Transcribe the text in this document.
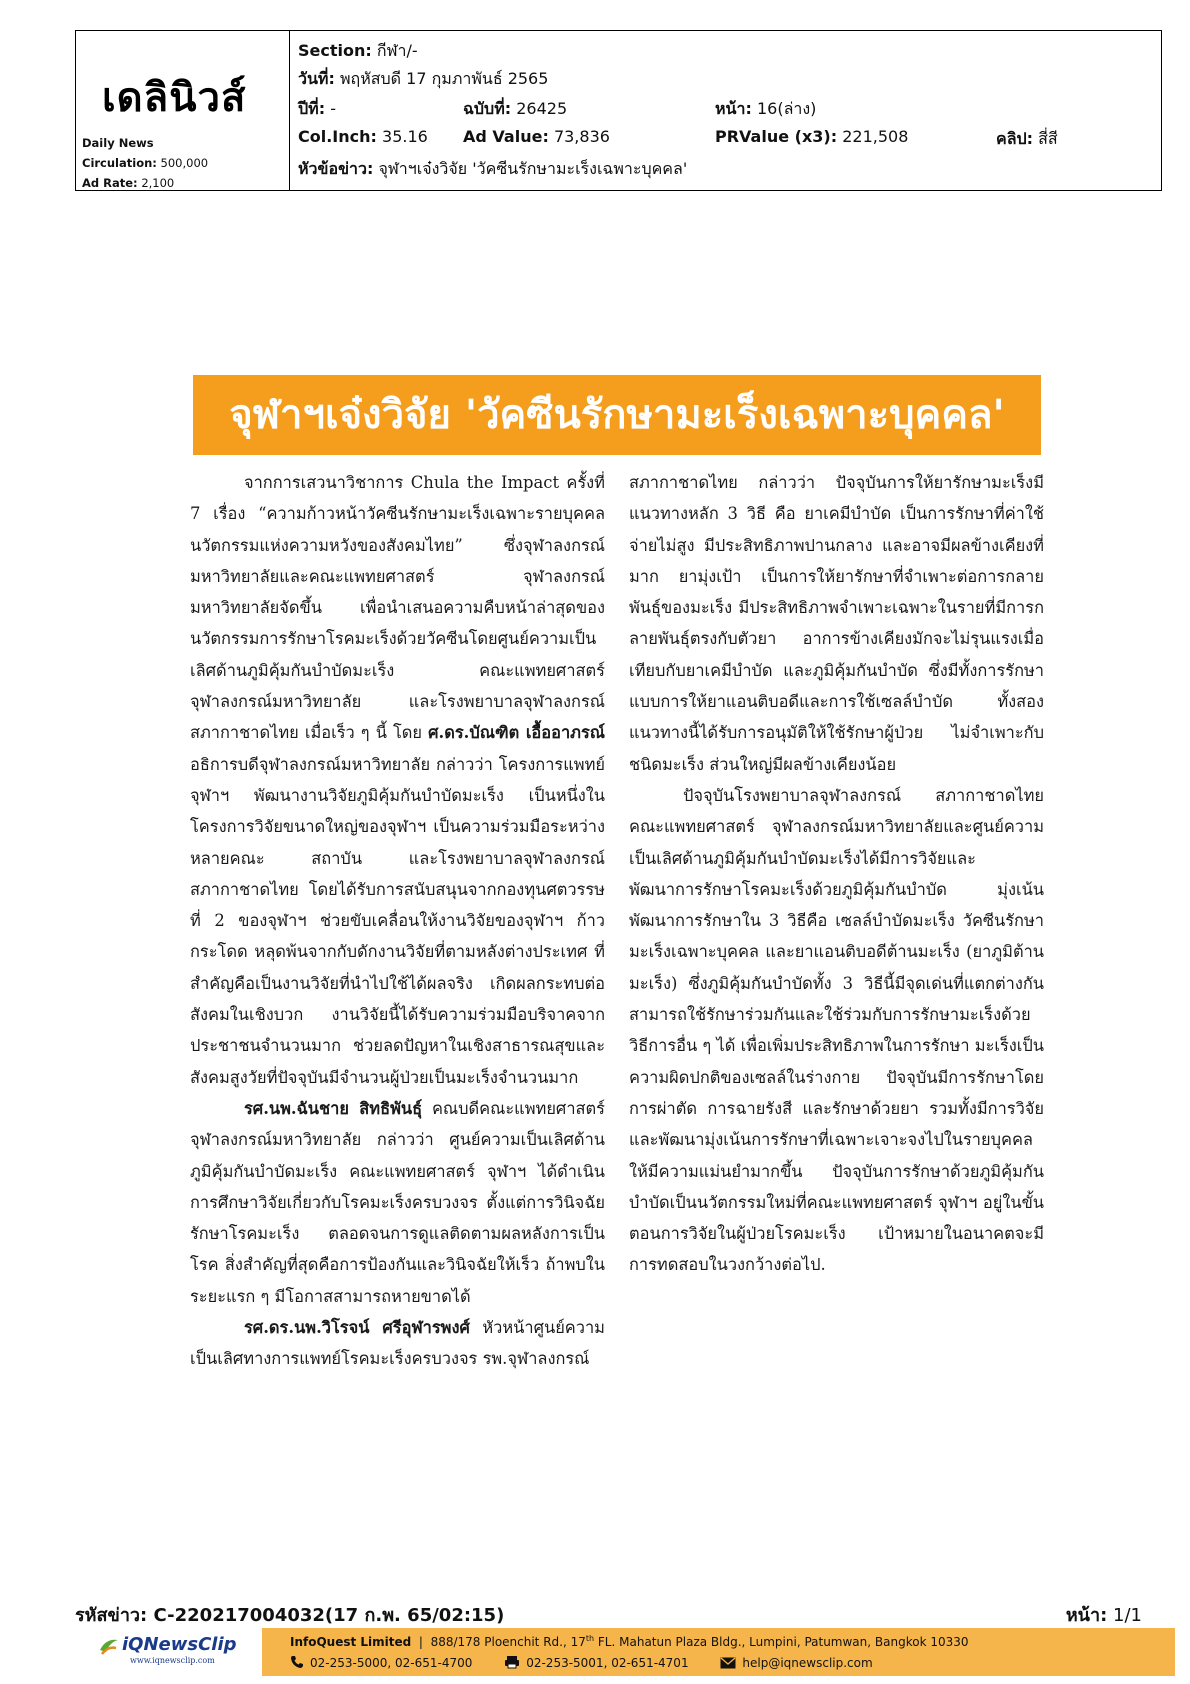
เดลินิวส์
Daily News
Circulation: 500,000
Ad Rate: 2,100
Section: กีฬา/-
วันที่: พฤหัสบดี 17 กุมภาพันธ์ 2565
ปีที่: -	ฉบับที่: 26425	หน้า: 16(ล่าง)
Col.Inch: 35.16 Ad Value: 73,836	PRValue (x3): 221,508	คลิป: สี่สี
หัวข้อข่าว: จุฬาฯเจ๋งวิจัย 'วัคซีนรักษามะเร็งเฉพาะบุคคล'
จุฬาฯเจ๋งวิจัย 'วัคซีนรักษามะเร็งเฉพาะบุคคล'

จากการเสวนาวิชาการ Chula the Impact ครั้งที่ 7 เรื่อง “ความก้าวหน้าวัคซีนรักษามะเร็งเฉพาะรายบุคคล นวัตกรรมแห่งความหวังของสังคมไทย” ซึ่งจุฬาลงกรณ์มหาวิทยาลัยและคณะแพทยศาสตร์ จุฬาลงกรณ์มหาวิทยาลัยจัดขึ้น เพื่อนำเสนอความคืบหน้าล่าสุดของนวัตกรรมการรักษาโรคมะเร็งด้วยวัคซีนโดยศูนย์ความเป็นเลิศด้านภูมิคุ้มกันบำบัดมะเร็ง คณะแพทยศาสตร์ จุฬาลงกรณ์มหาวิทยาลัย และโรงพยาบาลจุฬาลงกรณ์ สภากาชาดไทย เมื่อเร็ว ๆ นี้ โดย ศ.ดร.บัณฑิต เอื้ออาภรณ์ อธิการบดีจุฬาลงกรณ์มหาวิทยาลัย กล่าวว่า โครงการแพทย์จุฬาฯ พัฒนางานวิจัยภูมิคุ้มกันบำบัดมะเร็ง เป็นหนึ่งในโครงการวิจัยขนาดใหญ่ของจุฬาฯ เป็นความร่วมมือระหว่างหลายคณะ สถาบัน และโรงพยาบาลจุฬาลงกรณ์ สภากาชาดไทย โดยได้รับการสนับสนุนจากกองทุนศตวรรษที่ 2 ของจุฬาฯ ช่วยขับเคลื่อนให้งานวิจัยของจุฬาฯ ก้าวกระโดด หลุดพ้นจากกับดักงานวิจัยที่ตามหลังต่างประเทศ ที่สำคัญคือเป็นงานวิจัยที่นำไปใช้ได้ผลจริง เกิดผลกระทบต่อสังคมในเชิงบวก งานวิจัยนี้ได้รับความร่วมมือบริจาคจากประชาชนจำนวนมาก ช่วยลดปัญหาในเชิงสาธารณสุขและสังคมสูงวัยที่ปัจจุบันมีจำนวนผู้ป่วยเป็นมะเร็งจำนวนมาก

รศ.นพ.ฉันชาย สิทธิพันธุ์ คณบดีคณะแพทยศาสตร์ จุฬาลงกรณ์มหาวิทยาลัย กล่าวว่า ศูนย์ความเป็นเลิศด้านภูมิคุ้มกันบำบัดมะเร็ง คณะแพทยศาสตร์ จุฬาฯ ได้ดำเนินการศึกษาวิจัยเกี่ยวกับโรคมะเร็งครบวงจร ตั้งแต่การวินิจฉัย รักษาโรคมะเร็ง ตลอดจนการดูแลติดตามผลหลังการเป็นโรค สิ่งสำคัญที่สุดคือการป้องกันและวินิจฉัยให้เร็ว ถ้าพบในระยะแรก ๆ มีโอกาสสามารถหายขาดได้

รศ.ดร.นพ.วิโรจน์ ศรีอุฬารพงศ์ หัวหน้าศูนย์ความเป็นเลิศทางการแพทย์โรคมะเร็งครบวงจร รพ.จุฬาลงกรณ์

สภากาชาดไทย กล่าวว่า ปัจจุบันการให้ยารักษามะเร็งมีแนวทางหลัก 3 วิธี คือ ยาเคมีบำบัด เป็นการรักษาที่ค่าใช้จ่ายไม่สูง มีประสิทธิภาพปานกลาง และอาจมีผลข้างเคียงที่มาก ยามุ่งเป้า เป็นการให้ยารักษาที่จำเพาะต่อการกลายพันธุ์ของมะเร็ง มีประสิทธิภาพจำเพาะเฉพาะในรายที่มีการกลายพันธุ์ตรงกับตัวยา อาการข้างเคียงมักจะไม่รุนแรงเมื่อเทียบกับยาเคมีบำบัด และภูมิคุ้มกันบำบัด ซึ่งมีทั้งการรักษาแบบการให้ยาแอนติบอดีและการใช้เซลล์บำบัด ทั้งสองแนวทางนี้ได้รับการอนุมัติให้ใช้รักษาผู้ป่วย ไม่จำเพาะกับชนิดมะเร็ง ส่วนใหญ่มีผลข้างเคียงน้อย

ปัจจุบันโรงพยาบาลจุฬาลงกรณ์ สภากาชาดไทย คณะแพทยศาสตร์ จุฬาลงกรณ์มหาวิทยาลัยและศูนย์ความเป็นเลิศด้านภูมิคุ้มกันบำบัดมะเร็งได้มีการวิจัยและพัฒนาการรักษาโรคมะเร็งด้วยภูมิคุ้มกันบำบัด มุ่งเน้นพัฒนาการรักษาใน 3 วิธีคือ เซลล์บำบัดมะเร็ง วัคซีนรักษามะเร็งเฉพาะบุคคล และยาแอนติบอดีต้านมะเร็ง (ยาภูมิต้านมะเร็ง) ซึ่งภูมิคุ้มกันบำบัดทั้ง 3 วิธีนี้มีจุดเด่นที่แตกต่างกัน สามารถใช้รักษาร่วมกันและใช้ร่วมกับการรักษามะเร็งด้วยวิธีการอื่น ๆ ได้ เพื่อเพิ่มประสิทธิภาพในการรักษา มะเร็งเป็นความผิดปกติของเซลล์ในร่างกาย ปัจจุบันมีการรักษาโดยการผ่าตัด การฉายรังสี และรักษาด้วยยา รวมทั้งมีการวิจัยและพัฒนามุ่งเน้นการรักษาที่เฉพาะเจาะจงไปในรายบุคคลให้มีความแม่นยำมากขึ้น ปัจจุบันการรักษาด้วยภูมิคุ้มกันบำบัดเป็นนวัตกรรมใหม่ที่คณะแพทยศาสตร์ จุฬาฯ อยู่ในขั้นตอนการวิจัยในผู้ป่วยโรคมะเร็ง เป้าหมายในอนาคตจะมีการทดสอบในวงกว้างต่อไป.

รหัสข่าว: C-220217004032(17 ก.พ. 65/02:15)	หน้า: 1/1
iQNewsClip
www.iqnewsclip.com
InfoQuest Limited  |  888/178 Ploenchit Rd., 17th FL. Mahatun Plaza Bldg., Lumpini, Patumwan, Bangkok 10330
02-253-5000, 02-651-4700	02-253-5001, 02-651-4701	help@iqnewsclip.com
